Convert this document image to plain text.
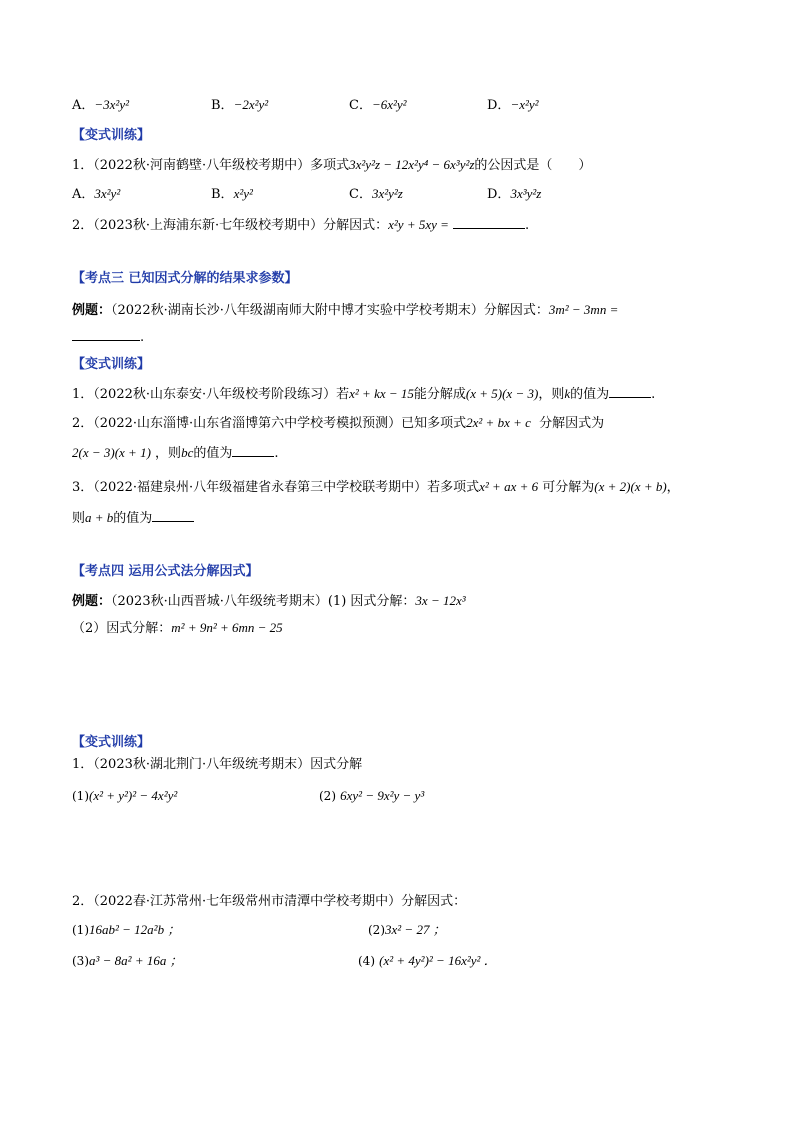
A．−3x²y²	B．−2x²y²	C．−6x²y²	D．−x²y²
【变式训练】
1．（2022秋·河南鹤壁·八年级校考期中）多项式3x²y²z − 12x²y⁴ − 6x³y²z的公因式是（　　）
A．3x²y²	B．x²y²	C．3x²y²z	D．3x³y²z
2．（2023秋·上海浦东新·七年级校考期中）分解因式：x²y + 5xy =	.
【考点三 已知因式分解的结果求参数】
例题：（2022秋·湖南长沙·八年级湖南师大附中博才实验中学校考期末）分解因式：3m² − 3mn =
.
【变式训练】
1．（2022秋·山东泰安·八年级校考阶段练习）若x² + kx − 15能分解成(x + 5)(x − 3)，则k的值为	.
2．（2022·山东淄博·山东省淄博第六中学校考模拟预测）已知多项式2x² + bx + c 分解因式为
2(x − 3)(x + 1) ，则bc的值为	.
3．（2022·福建泉州·八年级福建省永春第三中学校联考期中）若多项式x² + ax + 6 可分解为(x + 2)(x + b)，
则a + b的值为
【考点四 运用公式法分解因式】
例题：（2023秋·山西晋城·八年级统考期末）(1) 因式分解：3x − 12x³
（2）因式分解：m² + 9n² + 6mn − 25
【变式训练】
1．（2023秋·湖北荆门·八年级统考期末）因式分解
(1)(x² + y²)² − 4x²y²	(2) 6xy² − 9x²y − y³
2．（2022春·江苏常州·七年级常州市清潭中学校考期中）分解因式：
(1)16ab² − 12a²b ；	(2)3x² − 27 ；
(3)a³ − 8a² + 16a ；	(4) (x² + 4y²)² − 16x²y² ．
